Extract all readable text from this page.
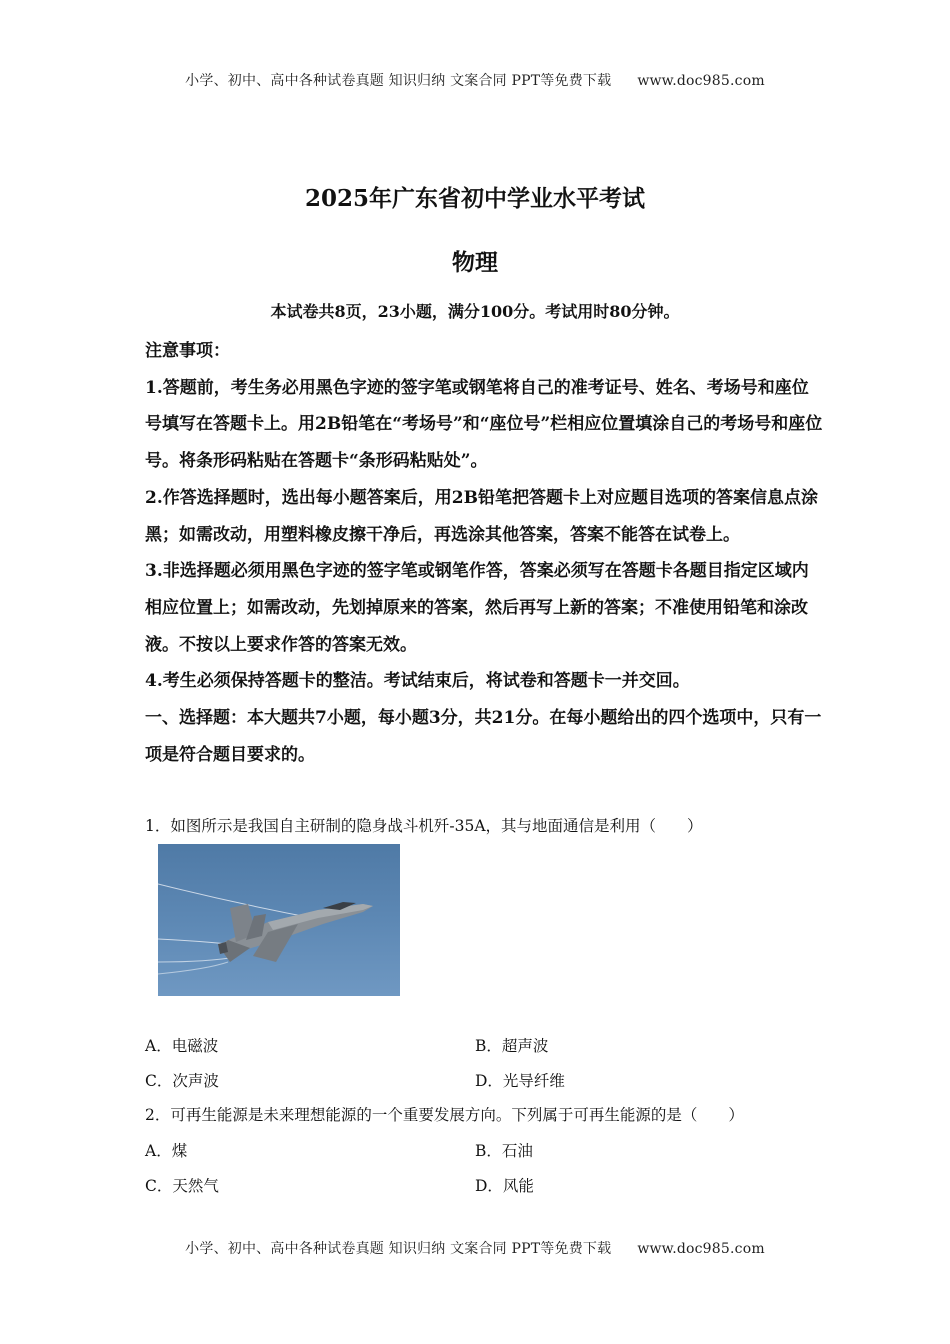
小学、初中、高中各种试卷真题 知识归纳 文案合同 PPT等免费下载 www.doc985.com
2025年广东省初中学业水平考试
物理
本试卷共8页，23小题，满分100分。考试用时80分钟。

注意事项：

1.答题前，考生务必用黑色字迹的签字笔或钢笔将自己的准考证号、姓名、考场号和座位号填写在答题卡上。用2B铅笔在“考场号”和“座位号”栏相应位置填涂自己的考场号和座位号。将条形码粘贴在答题卡“条形码粘贴处”。

2.作答选择题时，选出每小题答案后，用2B铅笔把答题卡上对应题目选项的答案信息点涂黑；如需改动，用塑料橡皮擦干净后，再选涂其他答案，答案不能答在试卷上。

3.非选择题必须用黑色字迹的签字笔或钢笔作答，答案必须写在答题卡各题目指定区域内相应位置上；如需改动，先划掉原来的答案，然后再写上新的答案；不准使用铅笔和涂改液。不按以上要求作答的答案无效。

4.考生必须保持答题卡的整洁。考试结束后，将试卷和答题卡一并交回。

一、选择题：本大题共7小题，每小题3分，共21分。在每小题给出的四个选项中，只有一项是符合题目要求的。

1．如图所示是我国自主研制的隐身战斗机歼-35A，其与地面通信是利用（　　）
A．电磁波	B．超声波
C．次声波	D．光导纤维
2．可再生能源是未来理想能源的一个重要发展方向。下列属于可再生能源的是（　　）
A．煤	B．石油
C．天然气	D．风能
小学、初中、高中各种试卷真题 知识归纳 文案合同 PPT等免费下载 www.doc985.com
